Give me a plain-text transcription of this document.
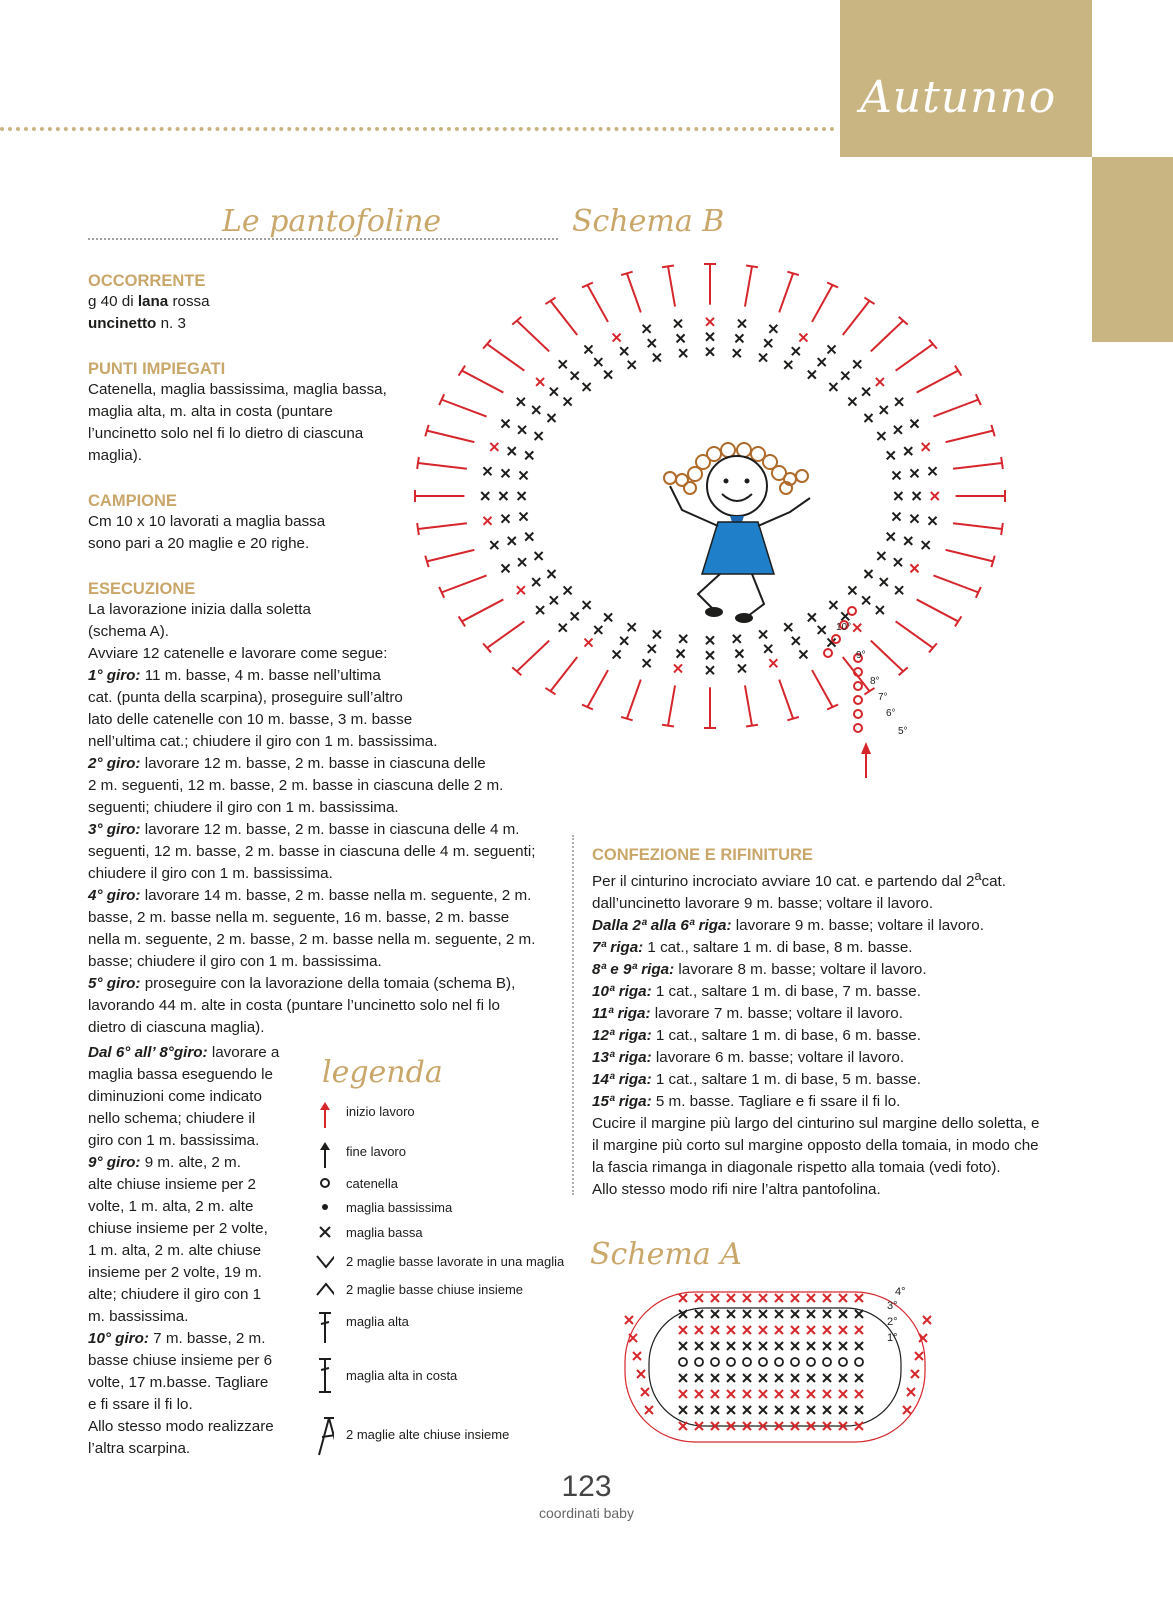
Autunno
Le pantofoline	Schema B
OCCORRENTE
g 40 di lana rossa
uncinetto n. 3
PUNTI IMPIEGATI
Catenella, maglia bassissima, maglia bassa,
maglia alta, m. alta in costa (puntare
l’uncinetto solo nel fi lo dietro di ciascuna
maglia).
CAMPIONE
Cm 10 x 10 lavorati a maglia bassa
sono pari a 20 maglie e 20 righe.
ESECUZIONE
La lavorazione inizia dalla soletta
(schema A).
Avviare 12 catenelle e lavorare come segue:
1° giro: 11 m. basse, 4 m. basse nell’ultima
cat. (punta della scarpina), proseguire sull’altro
lato delle catenelle con 10 m. basse, 3 m. basse
nell’ultima cat.; chiudere il giro con 1 m. bassissima.
2° giro: lavorare 12 m. basse, 2 m. basse in ciascuna delle
2 m. seguenti, 12 m. basse, 2 m. basse in ciascuna delle 2 m.
seguenti; chiudere il giro con 1 m. bassissima.
3° giro: lavorare 12 m. basse, 2 m. basse in ciascuna delle 4 m.
seguenti, 12 m. basse, 2 m. basse in ciascuna delle 4 m. seguenti;
chiudere il giro con 1 m. bassissima.
4° giro: lavorare 14 m. basse, 2 m. basse nella m. seguente, 2 m.
basse, 2 m. basse nella m. seguente, 16 m. basse, 2 m. basse
nella m. seguente, 2 m. basse, 2 m. basse nella m. seguente, 2 m.
basse; chiudere il giro con 1 m. bassissima.
5° giro: proseguire con la lavorazione della tomaia (schema B),
lavorando 44 m. alte in costa (puntare l’uncinetto solo nel fi lo
dietro di ciascuna maglia).
Dal 6° all’ 8°giro: lavorare a
maglia bassa eseguendo le
diminuzioni come indicato
nello schema; chiudere il
giro con 1 m. bassissima.
9° giro: 9 m. alte, 2 m.
alte chiuse insieme per 2
volte, 1 m. alta, 2 m. alte
chiuse insieme per 2 volte,
1 m. alta, 2 m. alte chiuse
insieme per 2 volte, 19 m.
alte; chiudere il giro con 1
m. bassissima.
10° giro: 7 m. basse, 2 m.
basse chiuse insieme per 6
volte, 17 m.basse. Tagliare
e fi ssare il fi lo.
Allo stesso modo realizzare
l’altra scarpina.
legenda
inizio lavoro
fine lavoro
catenella
maglia bassissima
maglia bassa
2 maglie basse lavorate in una maglia
2 maglie basse chiuse insieme
maglia alta
maglia alta in costa
2 maglie alte chiuse insieme
10°
9°
8°
7°
6°
5°
CONFEZIONE E RIFINITURE
Per il cinturino incrociato avviare 10 cat. e partendo dal 2$^a$cat.
dall’uncinetto lavorare 9 m. basse; voltare il lavoro.
Dalla 2ª alla 6ª riga: lavorare 9 m. basse; voltare il lavoro.
7ª riga: 1 cat., saltare 1 m. di base, 8 m. basse.
8ª e 9ª riga: lavorare 8 m. basse; voltare il lavoro.
10ª riga: 1 cat., saltare 1 m. di base, 7 m. basse.
11ª riga: lavorare 7 m. basse; voltare il lavoro.
12ª riga: 1 cat., saltare 1 m. di base, 6 m. basse.
13ª riga: lavorare 6 m. basse; voltare il lavoro.
14ª riga: 1 cat., saltare 1 m. di base, 5 m. basse.
15ª riga: 5 m. basse. Tagliare e fi ssare il fi lo.
Cucire il margine più largo del cinturino sul margine dello soletta, e
il margine più corto sul margine opposto della tomaia, in modo che
la fascia rimanga in diagonale rispetto alla tomaia (vedi foto).
Allo stesso modo rifi nire l’altra pantofolina.
Schema A
4°
3°
2°
1°
123
coordinati baby
